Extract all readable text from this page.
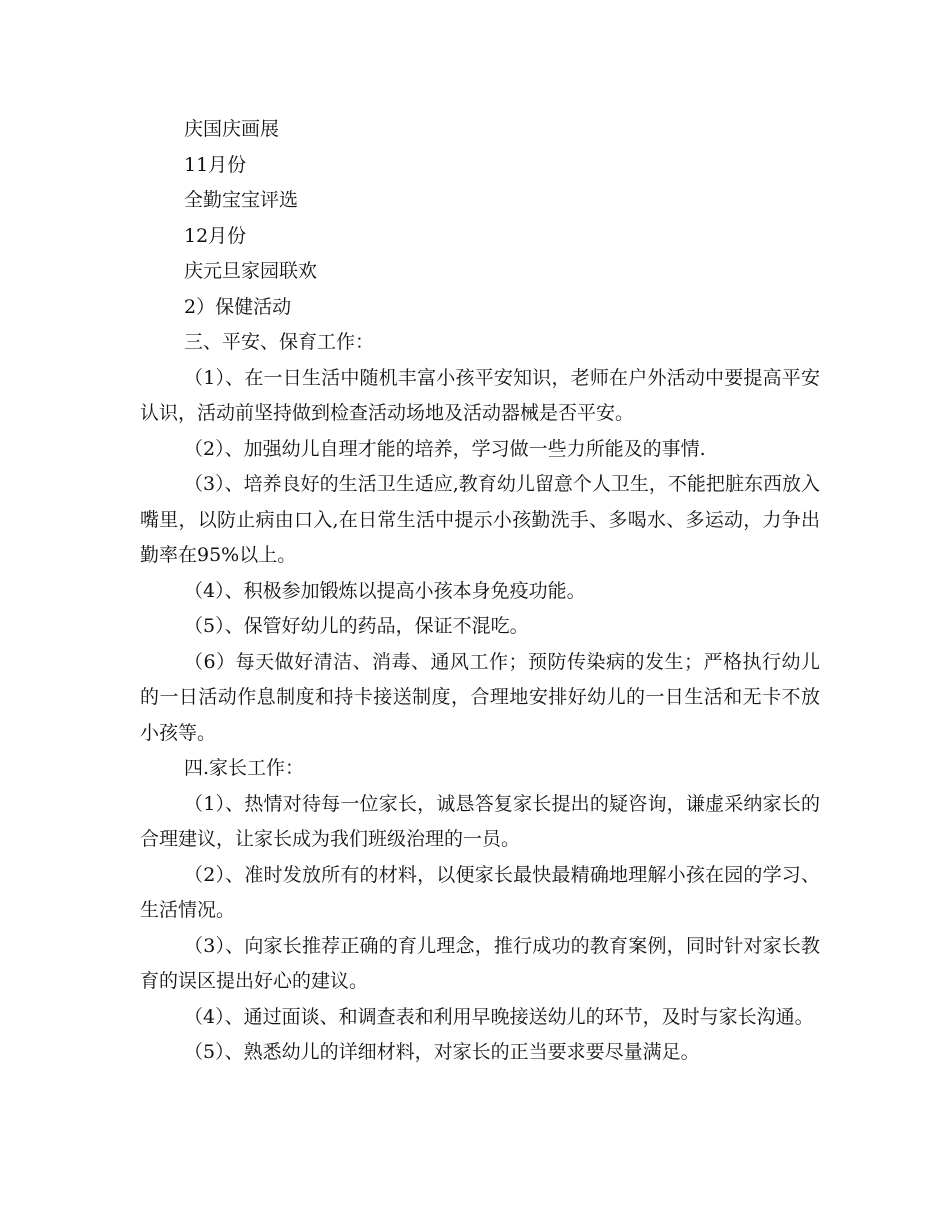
庆国庆画展

11月份

全勤宝宝评选

12月份

庆元旦家园联欢

2）保健活动

三、平安、保育工作：

（1）、在一日生活中随机丰富小孩平安知识，老师在户外活动中要提高平安认识，活动前坚持做到检查活动场地及活动器械是否平安。

（2）、加强幼儿自理才能的培养，学习做一些力所能及的事情.

（3）、培养良好的生活卫生适应,教育幼儿留意个人卫生，不能把脏东西放入嘴里，以防止病由口入,在日常生活中提示小孩勤洗手、多喝水、多运动，力争出勤率在95%以上。

（4）、积极参加锻炼以提高小孩本身免疫功能。

（5）、保管好幼儿的药品，保证不混吃。

（6）每天做好清洁、消毒、通风工作；预防传染病的发生；严格执行幼儿的一日活动作息制度和持卡接送制度，合理地安排好幼儿的一日生活和无卡不放小孩等。

四.家长工作：

（1）、热情对待每一位家长，诚恳答复家长提出的疑咨询，谦虚采纳家长的合理建议，让家长成为我们班级治理的一员。

（2）、准时发放所有的材料，以便家长最快最精确地理解小孩在园的学习、生活情况。

（3）、向家长推荐正确的育儿理念，推行成功的教育案例，同时针对家长教育的误区提出好心的建议。

（4）、通过面谈、和调查表和利用早晚接送幼儿的环节，及时与家长沟通。

（5）、熟悉幼儿的详细材料，对家长的正当要求要尽量满足。
